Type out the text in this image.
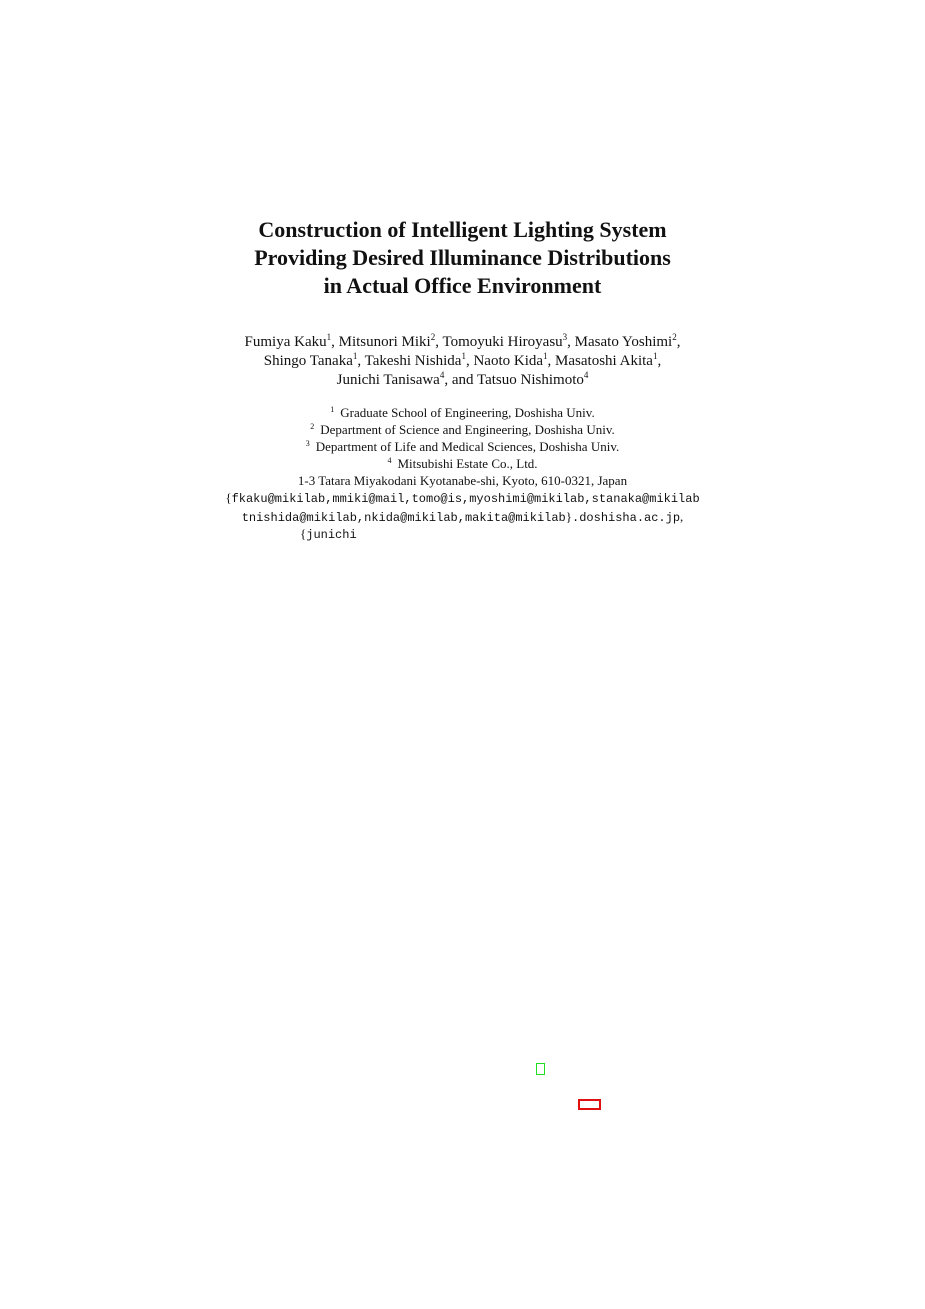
Construction of Intelligent Lighting System
Providing Desired Illuminance Distributions
in Actual Office Environment
Fumiya Kaku$^1$, Mitsunori Miki$^2$, Tomoyuki Hiroyasu$^3$, Masato Yoshimi$^2$,
Shingo Tanaka$^1$, Takeshi Nishida$^1$, Naoto Kida$^1$, Masatoshi Akita$^1$,
Junichi Tanisawa$^4$, and Tatsuo Nishimoto$^4$
$^1$ Graduate School of Engineering, Doshisha Univ.
$^2$ Department of Science and Engineering, Doshisha Univ.
$^3$ Department of Life and Medical Sciences, Doshisha Univ.
$^4$ Mitsubishi Estate Co., Ltd.
1-3 Tatara Miyakodani Kyotanabe-shi, Kyoto, 610-0321, Japan
{fkaku@mikilab,mmiki@mail,tomo@is,myoshimi@mikilab,stanaka@mikilab
tnishida@mikilab,nkida@mikilab,makita@mikilab}.doshisha.ac.jp,
{junichi
